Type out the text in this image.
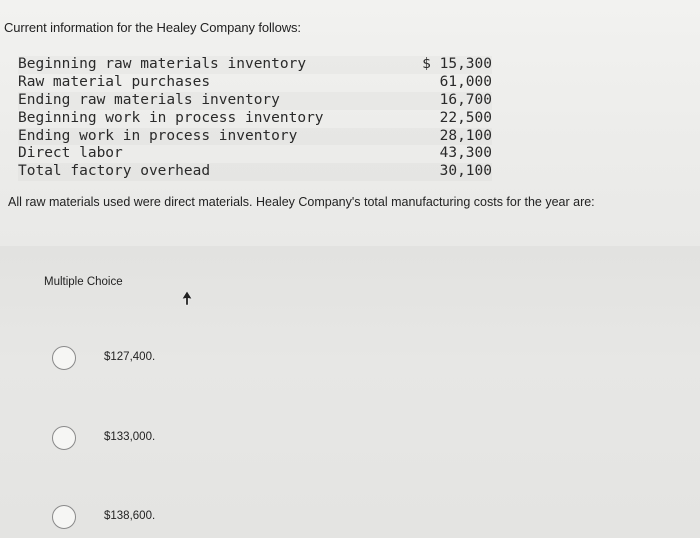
Current information for the Healey Company follows:
Beginning raw materials inventory	$ 15,300
Raw material purchases	61,000
Ending raw materials inventory	16,700
Beginning work in process inventory	22,500
Ending work in process inventory	28,100
Direct labor	43,300
Total factory overhead	30,100
All raw materials used were direct materials. Healey Company's total manufacturing costs for the year are:
Multiple Choice
$127,400.
$133,000.
$138,600.
